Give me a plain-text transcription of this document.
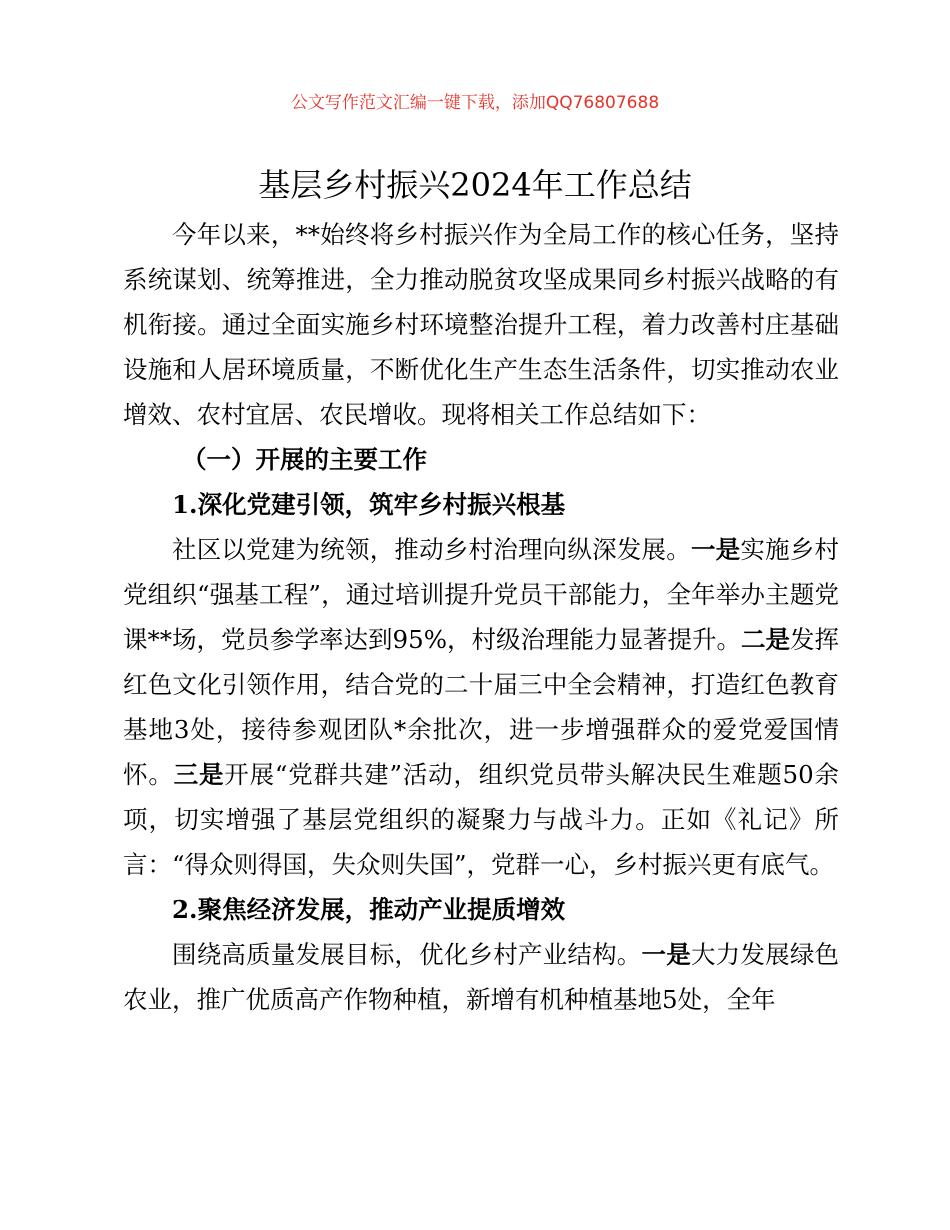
公文写作范文汇编一键下载，添加QQ76807688
基层乡村振兴2024年工作总结

今年以来，**始终将乡村振兴作为全局工作的核心任务，坚持系统谋划、统筹推进，全力推动脱贫攻坚成果同乡村振兴战略的有机衔接。通过全面实施乡村环境整治提升工程，着力改善村庄基础设施和人居环境质量，不断优化生产生态生活条件，切实推动农业增效、农村宜居、农民增收。现将相关工作总结如下：

（一）开展的主要工作

1.深化党建引领，筑牢乡村振兴根基

社区以党建为统领，推动乡村治理向纵深发展。一是实施乡村党组织“强基工程”，通过培训提升党员干部能力，全年举办主题党课**场，党员参学率达到95%，村级治理能力显著提升。二是发挥红色文化引领作用，结合党的二十届三中全会精神，打造红色教育基地3处，接待参观团队*余批次，进一步增强群众的爱党爱国情怀。三是开展“党群共建”活动，组织党员带头解决民生难题50余项，切实增强了基层党组织的凝聚力与战斗力。正如《礼记》所言：“得众则得国，失众则失国”，党群一心，乡村振兴更有底气。

2.聚焦经济发展，推动产业提质增效

围绕高质量发展目标，优化乡村产业结构。一是大力发展绿色农业，推广优质高产作物种植，新增有机种植基地5处，全年
